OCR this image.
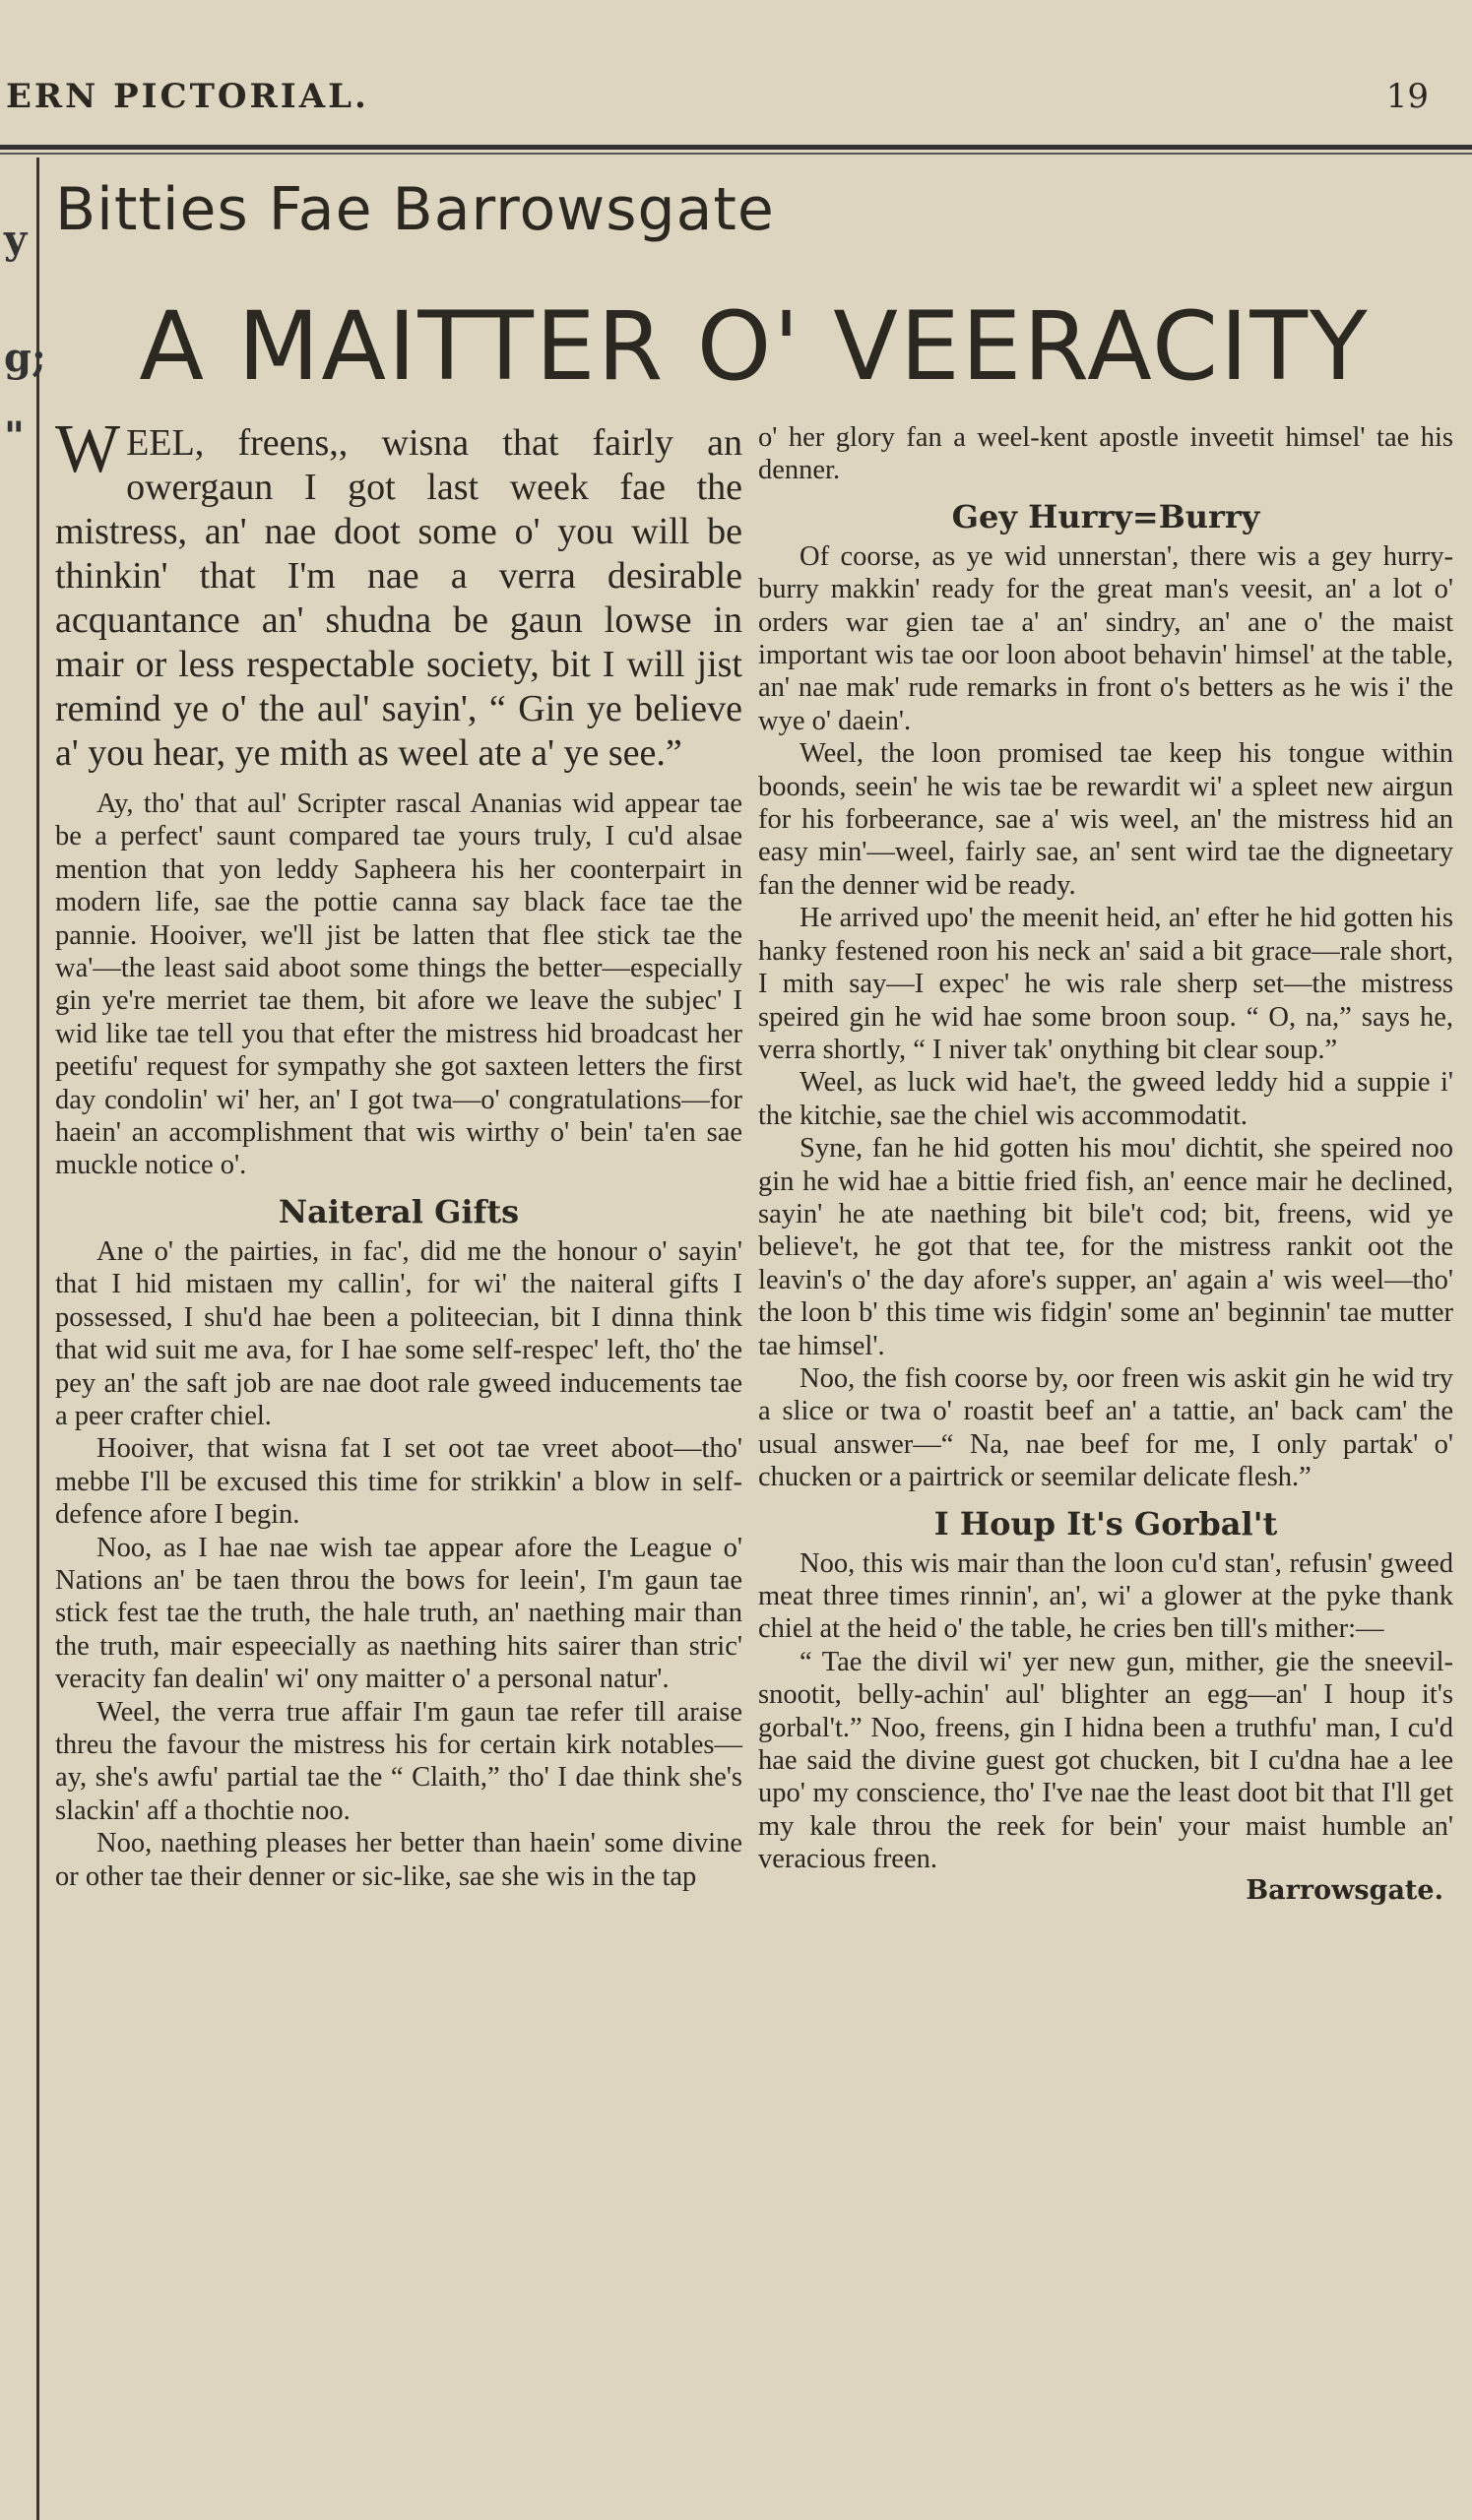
ERN PICTORIAL.	19
y
g;
"
Bitties Fae Barrowsgate
A MAITTER O' VEERACITY

WEEL, freens,, wisna that fairly an owergaun I got last week fae the mistress, an' nae doot some o' you will be thinkin' that I'm nae a verra desirable acquantance an' shudna be gaun lowse in mair or less respectable society, bit I will jist remind ye o' the aul' sayin', “ Gin ye believe a' you hear, ye mith as weel ate a' ye see.”

Ay, tho' that aul' Scripter rascal Ananias wid appear tae be a perfect' saunt compared tae yours truly, I cu'd alsae mention that yon leddy Sapheera his her coonterpairt in modern life, sae the pottie canna say black face tae the pannie. Hooiver, we'll jist be latten that flee stick tae the wa'—the least said aboot some things the better—especially gin ye're merriet tae them, bit afore we leave the subjec' I wid like tae tell you that efter the mistress hid broadcast her peetifu' request for sympathy she got saxteen letters the first day condolin' wi' her, an' I got twa—o' congratulations—for haein' an accomplishment that wis wirthy o' bein' ta'en sae muckle notice o'.

Naiteral Gifts

Ane o' the pairties, in fac', did me the honour o' sayin' that I hid mistaen my callin', for wi' the naiteral gifts I possessed, I shu'd hae been a politeecian, bit I dinna think that wid suit me ava, for I hae some self-respec' left, tho' the pey an' the saft job are nae doot rale gweed inducements tae a peer crafter chiel.

Hooiver, that wisna fat I set oot tae vreet aboot—tho' mebbe I'll be excused this time for strikkin' a blow in self-defence afore I begin.

Noo, as I hae nae wish tae appear afore the League o' Nations an' be taen throu the bows for leein', I'm gaun tae stick fest tae the truth, the hale truth, an' naething mair than the truth, mair espeecially as naething hits sairer than stric' veracity fan dealin' wi' ony maitter o' a personal natur'.

Weel, the verra true affair I'm gaun tae refer till araise threu the favour the mistress his for certain kirk notables—ay, she's awfu' partial tae the “ Claith,” tho' I dae think she's slackin' aff a thochtie noo.

Noo, naething pleases her better than haein' some divine or other tae their denner or sic-like, sae she wis in the tap

o' her glory fan a weel-kent apostle inveetit himsel' tae his denner.

Gey Hurry=Burry

Of coorse, as ye wid unnerstan', there wis a gey hurry-burry makkin' ready for the great man's veesit, an' a lot o' orders war gien tae a' an' sindry, an' ane o' the maist important wis tae oor loon aboot behavin' himsel' at the table, an' nae mak' rude remarks in front o's betters as he wis i' the wye o' daein'.

Weel, the loon promised tae keep his tongue within boonds, seein' he wis tae be rewardit wi' a spleet new airgun for his forbeerance, sae a' wis weel, an' the mistress hid an easy min'—weel, fairly sae, an' sent wird tae the digneetary fan the denner wid be ready.

He arrived upo' the meenit heid, an' efter he hid gotten his hanky festened roon his neck an' said a bit grace—rale short, I mith say—I expec' he wis rale sherp set—the mistress speired gin he wid hae some broon soup. “ O, na,” says he, verra shortly, “ I niver tak' onything bit clear soup.”

Weel, as luck wid hae't, the gweed leddy hid a suppie i' the kitchie, sae the chiel wis accommodatit.

Syne, fan he hid gotten his mou' dichtit, she speired noo gin he wid hae a bittie fried fish, an' eence mair he declined, sayin' he ate naething bit bile't cod; bit, freens, wid ye believe't, he got that tee, for the mistress rankit oot the leavin's o' the day afore's supper, an' again a' wis weel—tho' the loon b' this time wis fidgin' some an' beginnin' tae mutter tae himsel'.

Noo, the fish coorse by, oor freen wis askit gin he wid try a slice or twa o' roastit beef an' a tattie, an' back cam' the usual answer—“ Na, nae beef for me, I only partak' o' chucken or a pairtrick or seemilar delicate flesh.”

I Houp It's Gorbal't

Noo, this wis mair than the loon cu'd stan', refusin' gweed meat three times rinnin', an', wi' a glower at the pyke thank chiel at the heid o' the table, he cries ben till's mither:—

“ Tae the divil wi' yer new gun, mither, gie the sneevil-snootit, belly-achin' aul' blighter an egg—an' I houp it's gorbal't.” Noo, freens, gin I hidna been a truthfu' man, I cu'd hae said the divine guest got chucken, bit I cu'dna hae a lee upo' my conscience, tho' I've nae the least doot bit that I'll get my kale throu the reek for bein' your maist humble an' veracious freen.

Barrowsgate.
